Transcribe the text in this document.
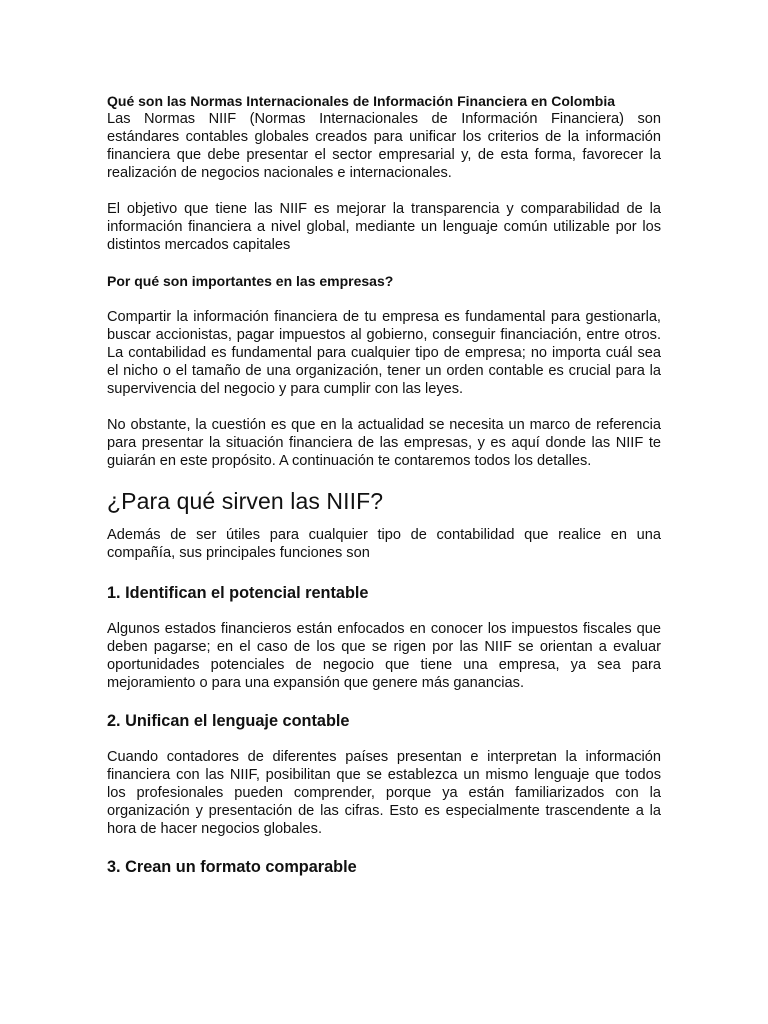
Qué son las Normas Internacionales de Información Financiera en Colombia

Las Normas NIIF (Normas Internacionales de Información Financiera) son estándares contables globales creados para unificar los criterios de la información financiera que debe presentar el sector empresarial y, de esta forma, favorecer la realización de negocios nacionales e internacionales.

El objetivo que tiene las NIIF es mejorar la transparencia y comparabilidad de la información financiera a nivel global, mediante un lenguaje común utilizable por los distintos mercados capitales

Por qué son importantes en las empresas?

Compartir la información financiera de tu empresa es fundamental para gestionarla, buscar accionistas, pagar impuestos al gobierno, conseguir financiación, entre otros. La contabilidad es fundamental para cualquier tipo de empresa; no importa cuál sea el nicho o el tamaño de una organización, tener un orden contable es crucial para la supervivencia del negocio y para cumplir con las leyes.

No obstante, la cuestión es que en la actualidad se necesita un marco de referencia para presentar la situación financiera de las empresas, y es aquí donde las NIIF te guiarán en este propósito. A continuación te contaremos todos los detalles.

¿Para qué sirven las NIIF?

Además de ser útiles para cualquier tipo de contabilidad que realice en una compañía, sus principales funciones son

1. Identifican el potencial rentable

Algunos estados financieros están enfocados en conocer los impuestos fiscales que deben pagarse; en el caso de los que se rigen por las NIIF se orientan a evaluar oportunidades potenciales de negocio que tiene una empresa, ya sea para mejoramiento o para una expansión que genere más ganancias.

2. Unifican el lenguaje contable

Cuando contadores de diferentes países presentan e interpretan la información financiera con las NIIF, posibilitan que se establezca un mismo lenguaje que todos los profesionales pueden comprender, porque ya están familiarizados con la organización y presentación de las cifras. Esto es especialmente trascendente a la hora de hacer negocios globales.

3. Crean un formato comparable
